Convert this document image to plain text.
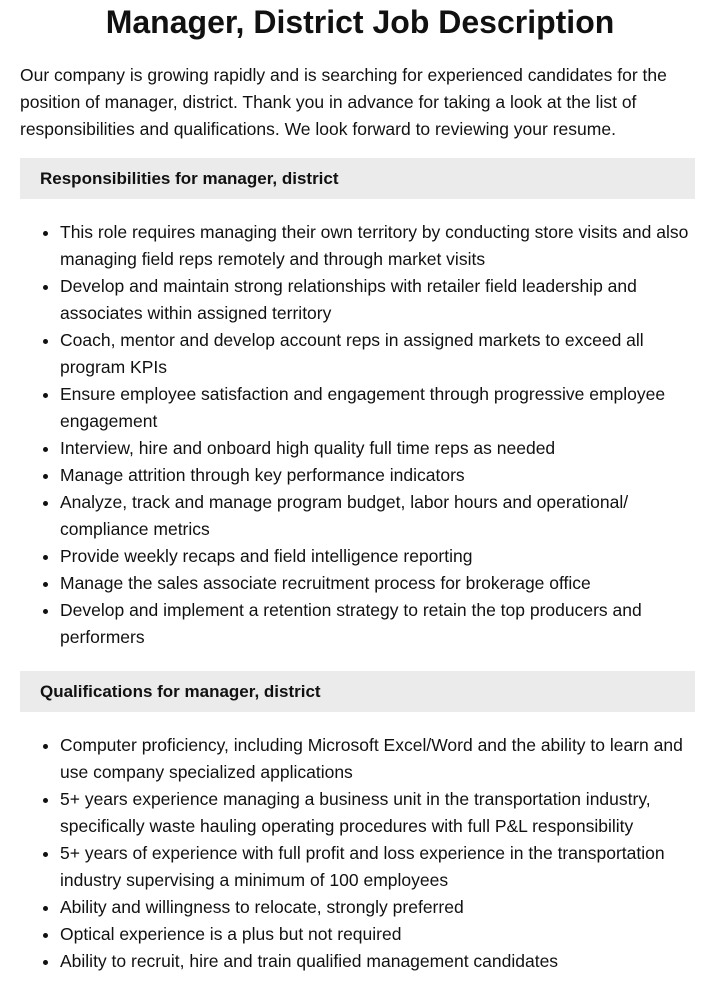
Manager, District Job Description

Our company is growing rapidly and is searching for experienced candidates for the position of manager, district. Thank you in advance for taking a look at the list of responsibilities and qualifications. We look forward to reviewing your resume.

Responsibilities for manager, district
• This role requires managing their own territory by conducting store visits and also managing field reps remotely and through market visits
• Develop and maintain strong relationships with retailer field leadership and associates within assigned territory
• Coach, mentor and develop account reps in assigned markets to exceed all program KPIs
• Ensure employee satisfaction and engagement through progressive employee engagement
• Interview, hire and onboard high quality full time reps as needed
• Manage attrition through key performance indicators
• Analyze, track and manage program budget, labor hours and operational/ compliance metrics
• Provide weekly recaps and field intelligence reporting
• Manage the sales associate recruitment process for brokerage office
• Develop and implement a retention strategy to retain the top producers and performers
Qualifications for manager, district
• Computer proficiency, including Microsoft Excel/Word and the ability to learn and use company specialized applications
• 5+ years experience managing a business unit in the transportation industry, specifically waste hauling operating procedures with full P&L responsibility
• 5+ years of experience with full profit and loss experience in the transportation industry supervising a minimum of 100 employees
• Ability and willingness to relocate, strongly preferred
• Optical experience is a plus but not required
• Ability to recruit, hire and train qualified management candidates
